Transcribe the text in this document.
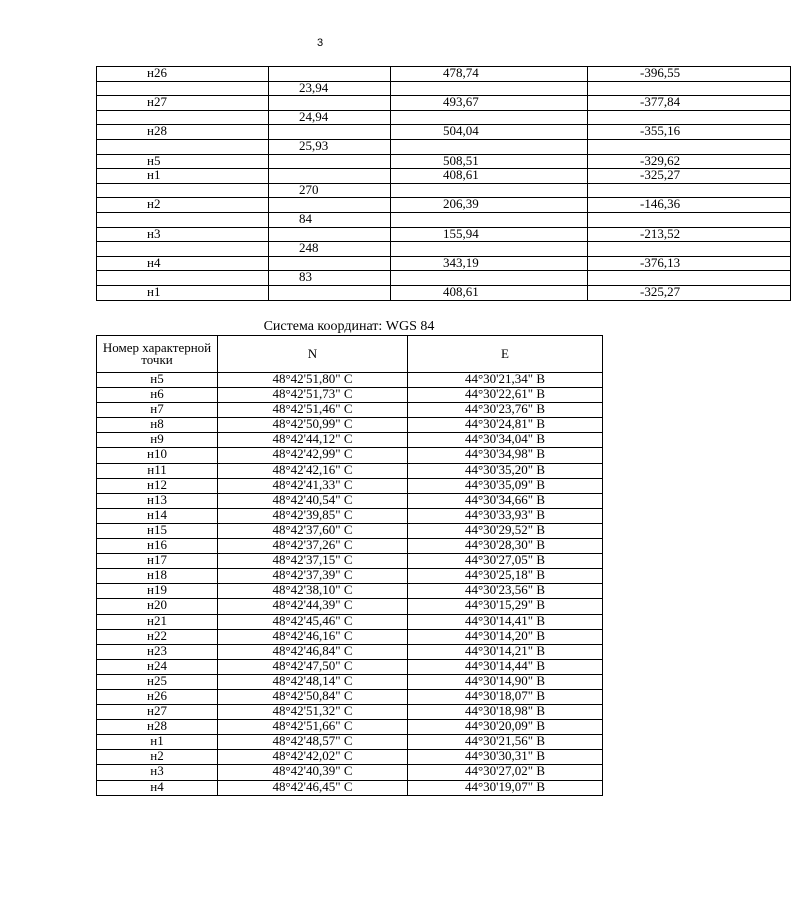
3
н26		478,74	-396,55
	23,94		
н27		493,67	-377,84
	24,94		
н28		504,04	-355,16
	25,93		
н5		508,51	-329,62
н1		408,61	-325,27
	270		
н2		206,39	-146,36
	84		
н3		155,94	-213,52
	248		
н4		343,19	-376,13
	83		
н1		408,61	-325,27
Система координат: WGS 84
Номер характерной точки	N	E
н5	48°42'51,80" С	44°30'21,34" В
н6	48°42'51,73" С	44°30'22,61" В
н7	48°42'51,46" С	44°30'23,76" В
н8	48°42'50,99" С	44°30'24,81" В
н9	48°42'44,12" С	44°30'34,04" В
н10	48°42'42,99" С	44°30'34,98" В
н11	48°42'42,16" С	44°30'35,20" В
н12	48°42'41,33" С	44°30'35,09" В
н13	48°42'40,54" С	44°30'34,66" В
н14	48°42'39,85" С	44°30'33,93" В
н15	48°42'37,60" С	44°30'29,52" В
н16	48°42'37,26" С	44°30'28,30" В
н17	48°42'37,15" С	44°30'27,05" В
н18	48°42'37,39" С	44°30'25,18" В
н19	48°42'38,10" С	44°30'23,56" В
н20	48°42'44,39" С	44°30'15,29" В
н21	48°42'45,46" С	44°30'14,41" В
н22	48°42'46,16" С	44°30'14,20" В
н23	48°42'46,84" С	44°30'14,21" В
н24	48°42'47,50" С	44°30'14,44" В
н25	48°42'48,14" С	44°30'14,90" В
н26	48°42'50,84" С	44°30'18,07" В
н27	48°42'51,32" С	44°30'18,98" В
н28	48°42'51,66" С	44°30'20,09" В
н1	48°42'48,57" С	44°30'21,56" В
н2	48°42'42,02" С	44°30'30,31" В
н3	48°42'40,39" С	44°30'27,02" В
н4	48°42'46,45" С	44°30'19,07" В
